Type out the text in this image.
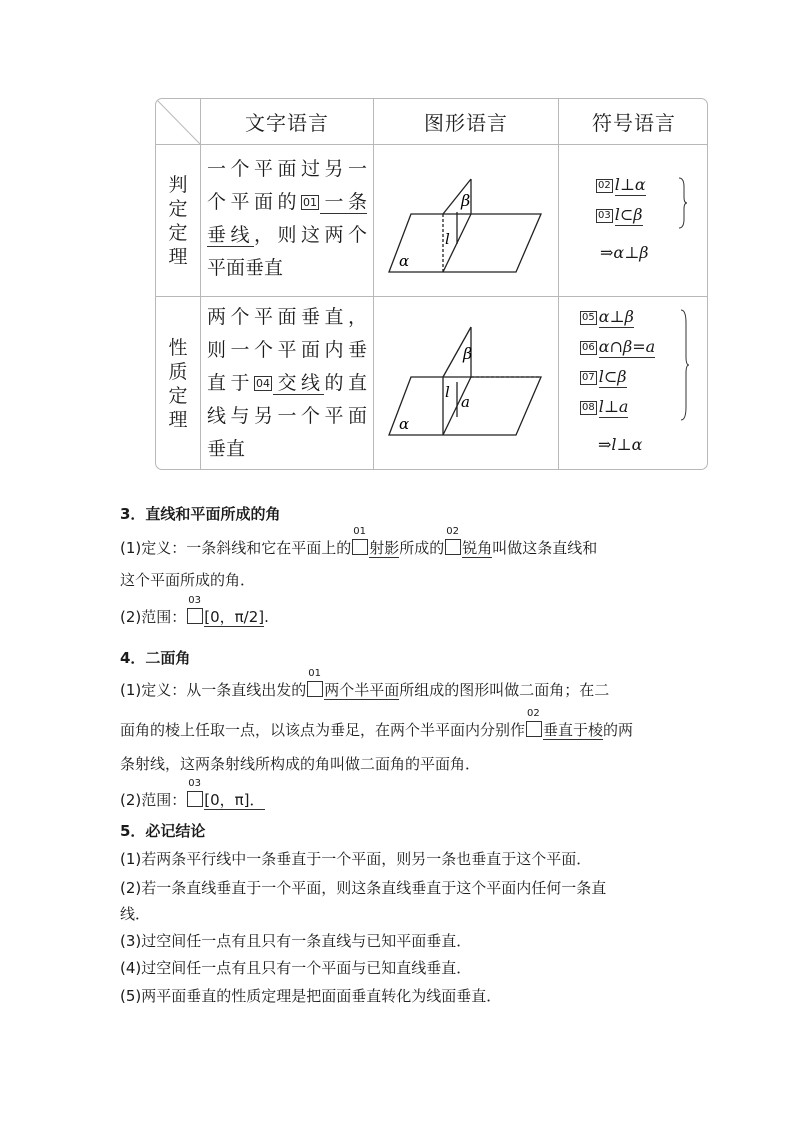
文字语言	图形语言	符号语言
判
定
定
理
一个平面过另一
个平面的 01 一条
垂线，则这两个
平面垂直
β
l
α
02 l⊥α
03 l⊂β
⇒α⊥β
性
质
定
理
两个平面垂直，
则一个平面内垂
直于 04 交线的直
线与另一个平面
垂直
β
l
a
α
05 α⊥β
06 α∩β=a
07 l⊂β
08 l⊥a
⇒l⊥α
3．直线和平面所成的角
(1)定义：一条斜线和它在平面上的
01
射影所成的
02
锐角叫做这条直线和
这个平面所成的角．
(2)范围：
03
[0，π/2].
4．二面角
(1)定义：从一条直线出发的
01
两个半平面所组成的图形叫做二面角；在二
面角的棱上任取一点，以该点为垂足，在两个半平面内分别作
02
垂直于棱的两
条射线，这两条射线所构成的角叫做二面角的平面角．
(2)范围：
03
[0，π]．
5．必记结论
(1)若两条平行线中一条垂直于一个平面，则另一条也垂直于这个平面．
(2)若一条直线垂直于一个平面，则这条直线垂直于这个平面内任何一条直
线．
(3)过空间任一点有且只有一条直线与已知平面垂直．
(4)过空间任一点有且只有一个平面与已知直线垂直．
(5)两平面垂直的性质定理是把面面垂直转化为线面垂直．
